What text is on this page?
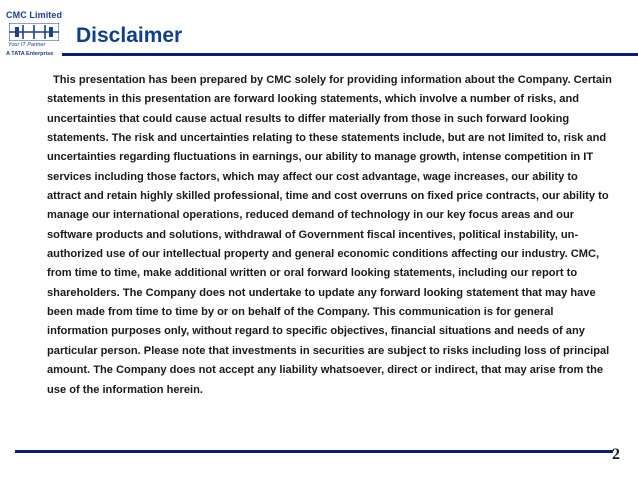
CMC Limited
Your IT Partner
A TATA Enterprise
Disclaimer

This presentation has been prepared by CMC solely for providing information about the Company. Certain statements in this presentation are forward looking statements, which involve a number of risks, and uncertainties that could cause actual results to differ materially from those in such forward looking statements. The risk and uncertainties relating to these statements include, but are not limited to, risk and uncertainties regarding fluctuations in earnings, our ability to manage growth, intense competition in IT services including those factors, which may affect our cost advantage, wage increases, our ability to attract and retain highly skilled professional, time and cost overruns on fixed price contracts, our ability to manage our international operations, reduced demand of technology in our key focus areas and our software products and solutions, withdrawal of Government fiscal incentives, political instability, un-authorized use of our intellectual property and general economic conditions affecting our industry. CMC, from time to time, make additional written or oral forward looking statements, including our report to shareholders. The Company does not undertake to update any forward looking statement that may have been made from time to time by or on behalf of the Company. This communication is for general information purposes only, without regard to specific objectives, financial situations and needs of any particular person. Please note that investments in securities are subject to risks including loss of principal amount. The Company does not accept any liability whatsoever, direct or indirect, that may arise from the use of the information herein.

2
